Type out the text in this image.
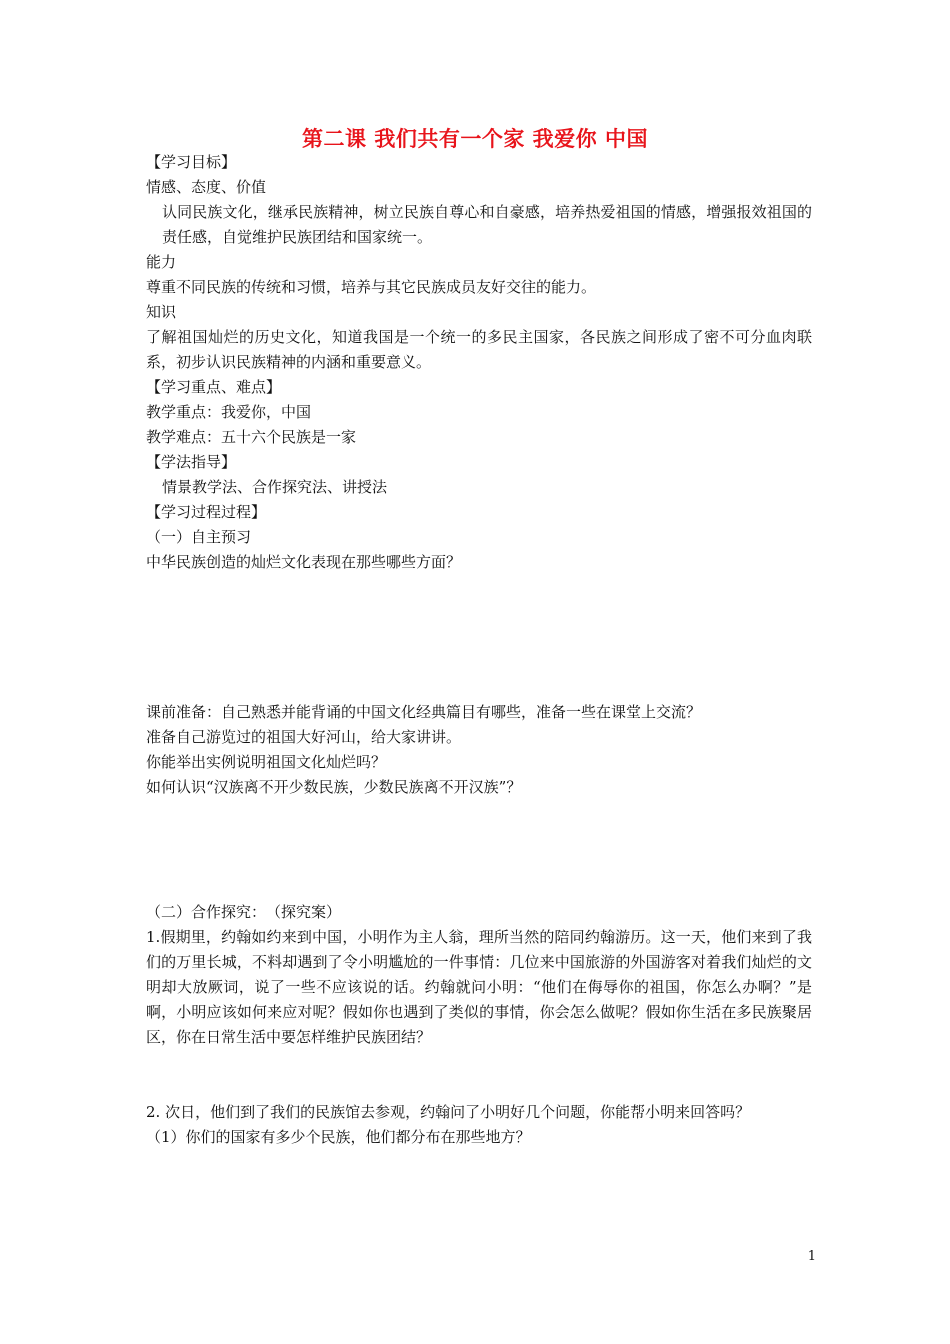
第二课 我们共有一个家 我爱你 中国
【学习目标】
情感、态度、价值
认同民族文化，继承民族精神，树立民族自尊心和自豪感，培养热爱祖国的情感，增强报效祖国的责任感，自觉维护民族团结和国家统一。
能力
尊重不同民族的传统和习惯，培养与其它民族成员友好交往的能力。
知识
了解祖国灿烂的历史文化，知道我国是一个统一的多民主国家，各民族之间形成了密不可分血肉联系，初步认识民族精神的内涵和重要意义。
【学习重点、难点】
教学重点：我爱你，中国
教学难点：五十六个民族是一家
【学法指导】
情景教学法、合作探究法、讲授法
【学习过程过程】
（一）自主预习
中华民族创造的灿烂文化表现在那些哪些方面？
课前准备：自己熟悉并能背诵的中国文化经典篇目有哪些，准备一些在课堂上交流？
准备自己游览过的祖国大好河山，给大家讲讲。
你能举出实例说明祖国文化灿烂吗？
如何认识“汉族离不开少数民族，少数民族离不开汉族”？
（二）合作探究：　（探究案）
1.假期里，约翰如约来到中国，小明作为主人翁，理所当然的陪同约翰游历。这一天，他们来到了我们的万里长城，不料却遇到了令小明尴尬的一件事情：几位来中国旅游的外国游客对着我们灿烂的文明却大放厥词，说了一些不应该说的话。约翰就问小明：“他们在侮辱你的祖国，你怎么办啊？”是啊，小明应该如何来应对呢？假如你也遇到了类似的事情，你会怎么做呢？假如你生活在多民族聚居区，你在日常生活中要怎样维护民族团结？
2. 次日，他们到了我们的民族馆去参观，约翰问了小明好几个问题，你能帮小明来回答吗？
（1）你们的国家有多少个民族，他们都分布在那些地方？
1
